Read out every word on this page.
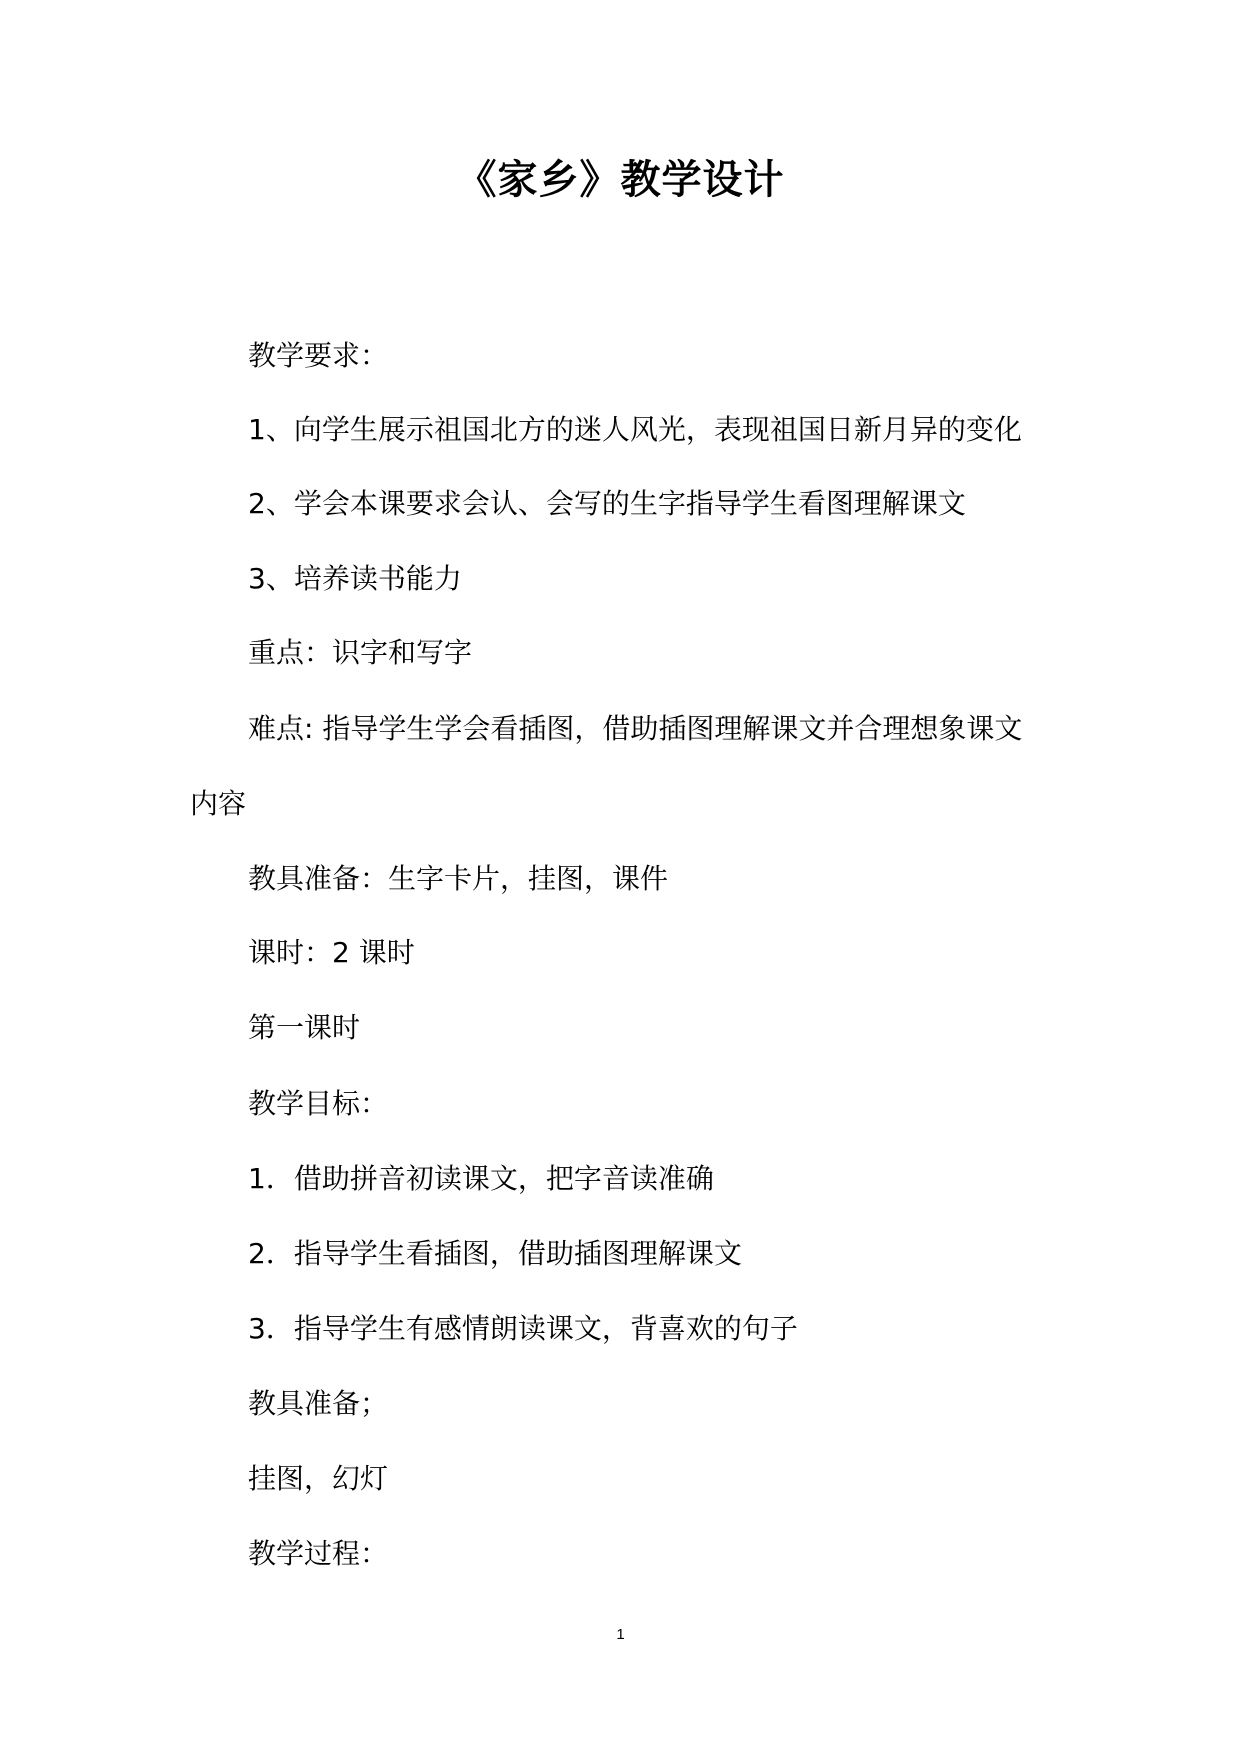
《家乡》教学设计
教学要求：
1、向学生展示祖国北方的迷人风光，表现祖国日新月异的变化
2、学会本课要求会认、会写的生字指导学生看图理解课文
3、培养读书能力
重点：识字和写字
难点: 指导学生学会看插图，借助插图理解课文并合理想象课文
内容
教具准备：生字卡片，挂图，课件
课时：2 课时
第一课时
教学目标：
1．借助拼音初读课文，把字音读准确
2．指导学生看插图，借助插图理解课文
3．指导学生有感情朗读课文，背喜欢的句子
教具准备；
挂图，幻灯
教学过程：
1
